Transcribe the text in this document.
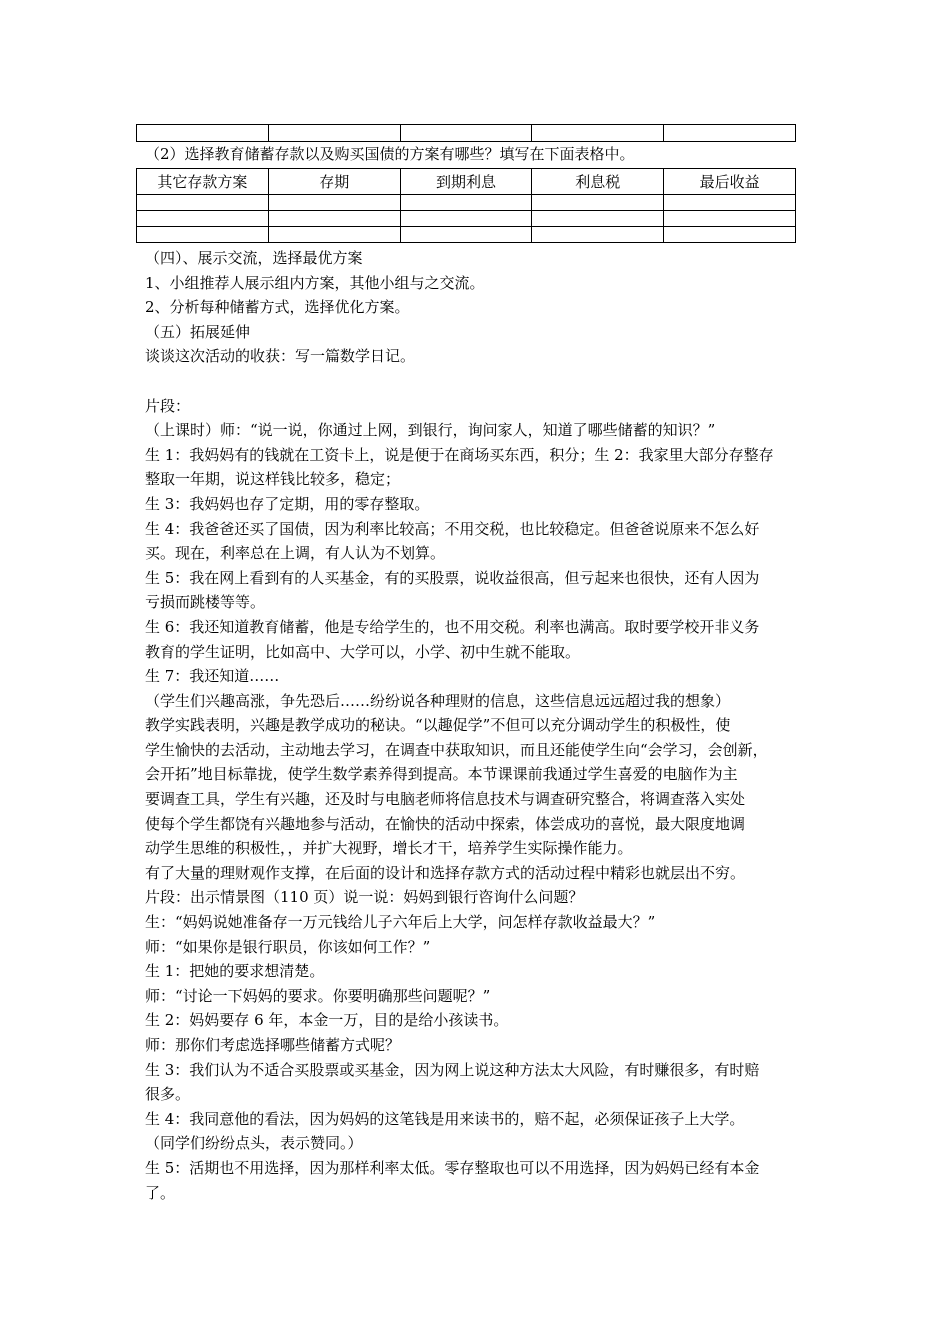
（2）选择教育储蓄存款以及购买国债的方案有哪些？填写在下面表格中。
其它存款方案	存期	到期利息	利息税	最后收益

（四）、展示交流，选择最优方案

1、小组推荐人展示组内方案，其他小组与之交流。

2、分析每种储蓄方式，选择优化方案。

（五）拓展延伸

谈谈这次活动的收获：写一篇数学日记。

片段：

（上课时）师：“说一说，你通过上网，到银行，询问家人，知道了哪些储蓄的知识？”

生 1：我妈妈有的钱就在工资卡上，说是便于在商场买东西，积分；生 2：我家里大部分存整存

整取一年期，说这样钱比较多，稳定；

生 3：我妈妈也存了定期，用的零存整取。

生 4：我爸爸还买了国债，因为利率比较高；不用交税，也比较稳定。但爸爸说原来不怎么好

买。现在，利率总在上调，有人认为不划算。

生 5：我在网上看到有的人买基金，有的买股票，说收益很高，但亏起来也很快，还有人因为

亏损而跳楼等等。

生 6：我还知道教育储蓄，他是专给学生的，也不用交税。利率也满高。取时要学校开非义务

教育的学生证明，比如高中、大学可以，小学、初中生就不能取。

生 7：我还知道……

（学生们兴趣高涨，争先恐后……纷纷说各种理财的信息，这些信息远远超过我的想象）

教学实践表明，兴趣是教学成功的秘诀。“以趣促学”不但可以充分调动学生的积极性，使

学生愉快的去活动，主动地去学习，在调查中获取知识，而且还能使学生向“会学习，会创新，

会开拓”地目标靠拢，使学生数学素养得到提高。本节课课前我通过学生喜爱的电脑作为主

要调查工具，学生有兴趣，还及时与电脑老师将信息技术与调查研究整合，将调查落入实处

使每个学生都饶有兴趣地参与活动，在愉快的活动中探索，体尝成功的喜悦，最大限度地调

动学生思维的积极性，，并扩大视野，增长才干，培养学生实际操作能力。

有了大量的理财观作支撑，在后面的设计和选择存款方式的活动过程中精彩也就层出不穷。

片段：出示情景图（110 页）说一说：妈妈到银行咨询什么问题？

生：“妈妈说她准备存一万元钱给儿子六年后上大学，问怎样存款收益最大？”

师：“如果你是银行职员，你该如何工作？”

生 1：把她的要求想清楚。

师：“讨论一下妈妈的要求。你要明确那些问题呢？”

生 2：妈妈要存 6 年，本金一万，目的是给小孩读书。

师：那你们考虑选择哪些储蓄方式呢？

生 3：我们认为不适合买股票或买基金，因为网上说这种方法太大风险，有时赚很多，有时赔

很多。

生 4：我同意他的看法，因为妈妈的这笔钱是用来读书的，赔不起，必须保证孩子上大学。

（同学们纷纷点头，表示赞同。）

生 5：活期也不用选择，因为那样利率太低。零存整取也可以不用选择，因为妈妈已经有本金

了。
